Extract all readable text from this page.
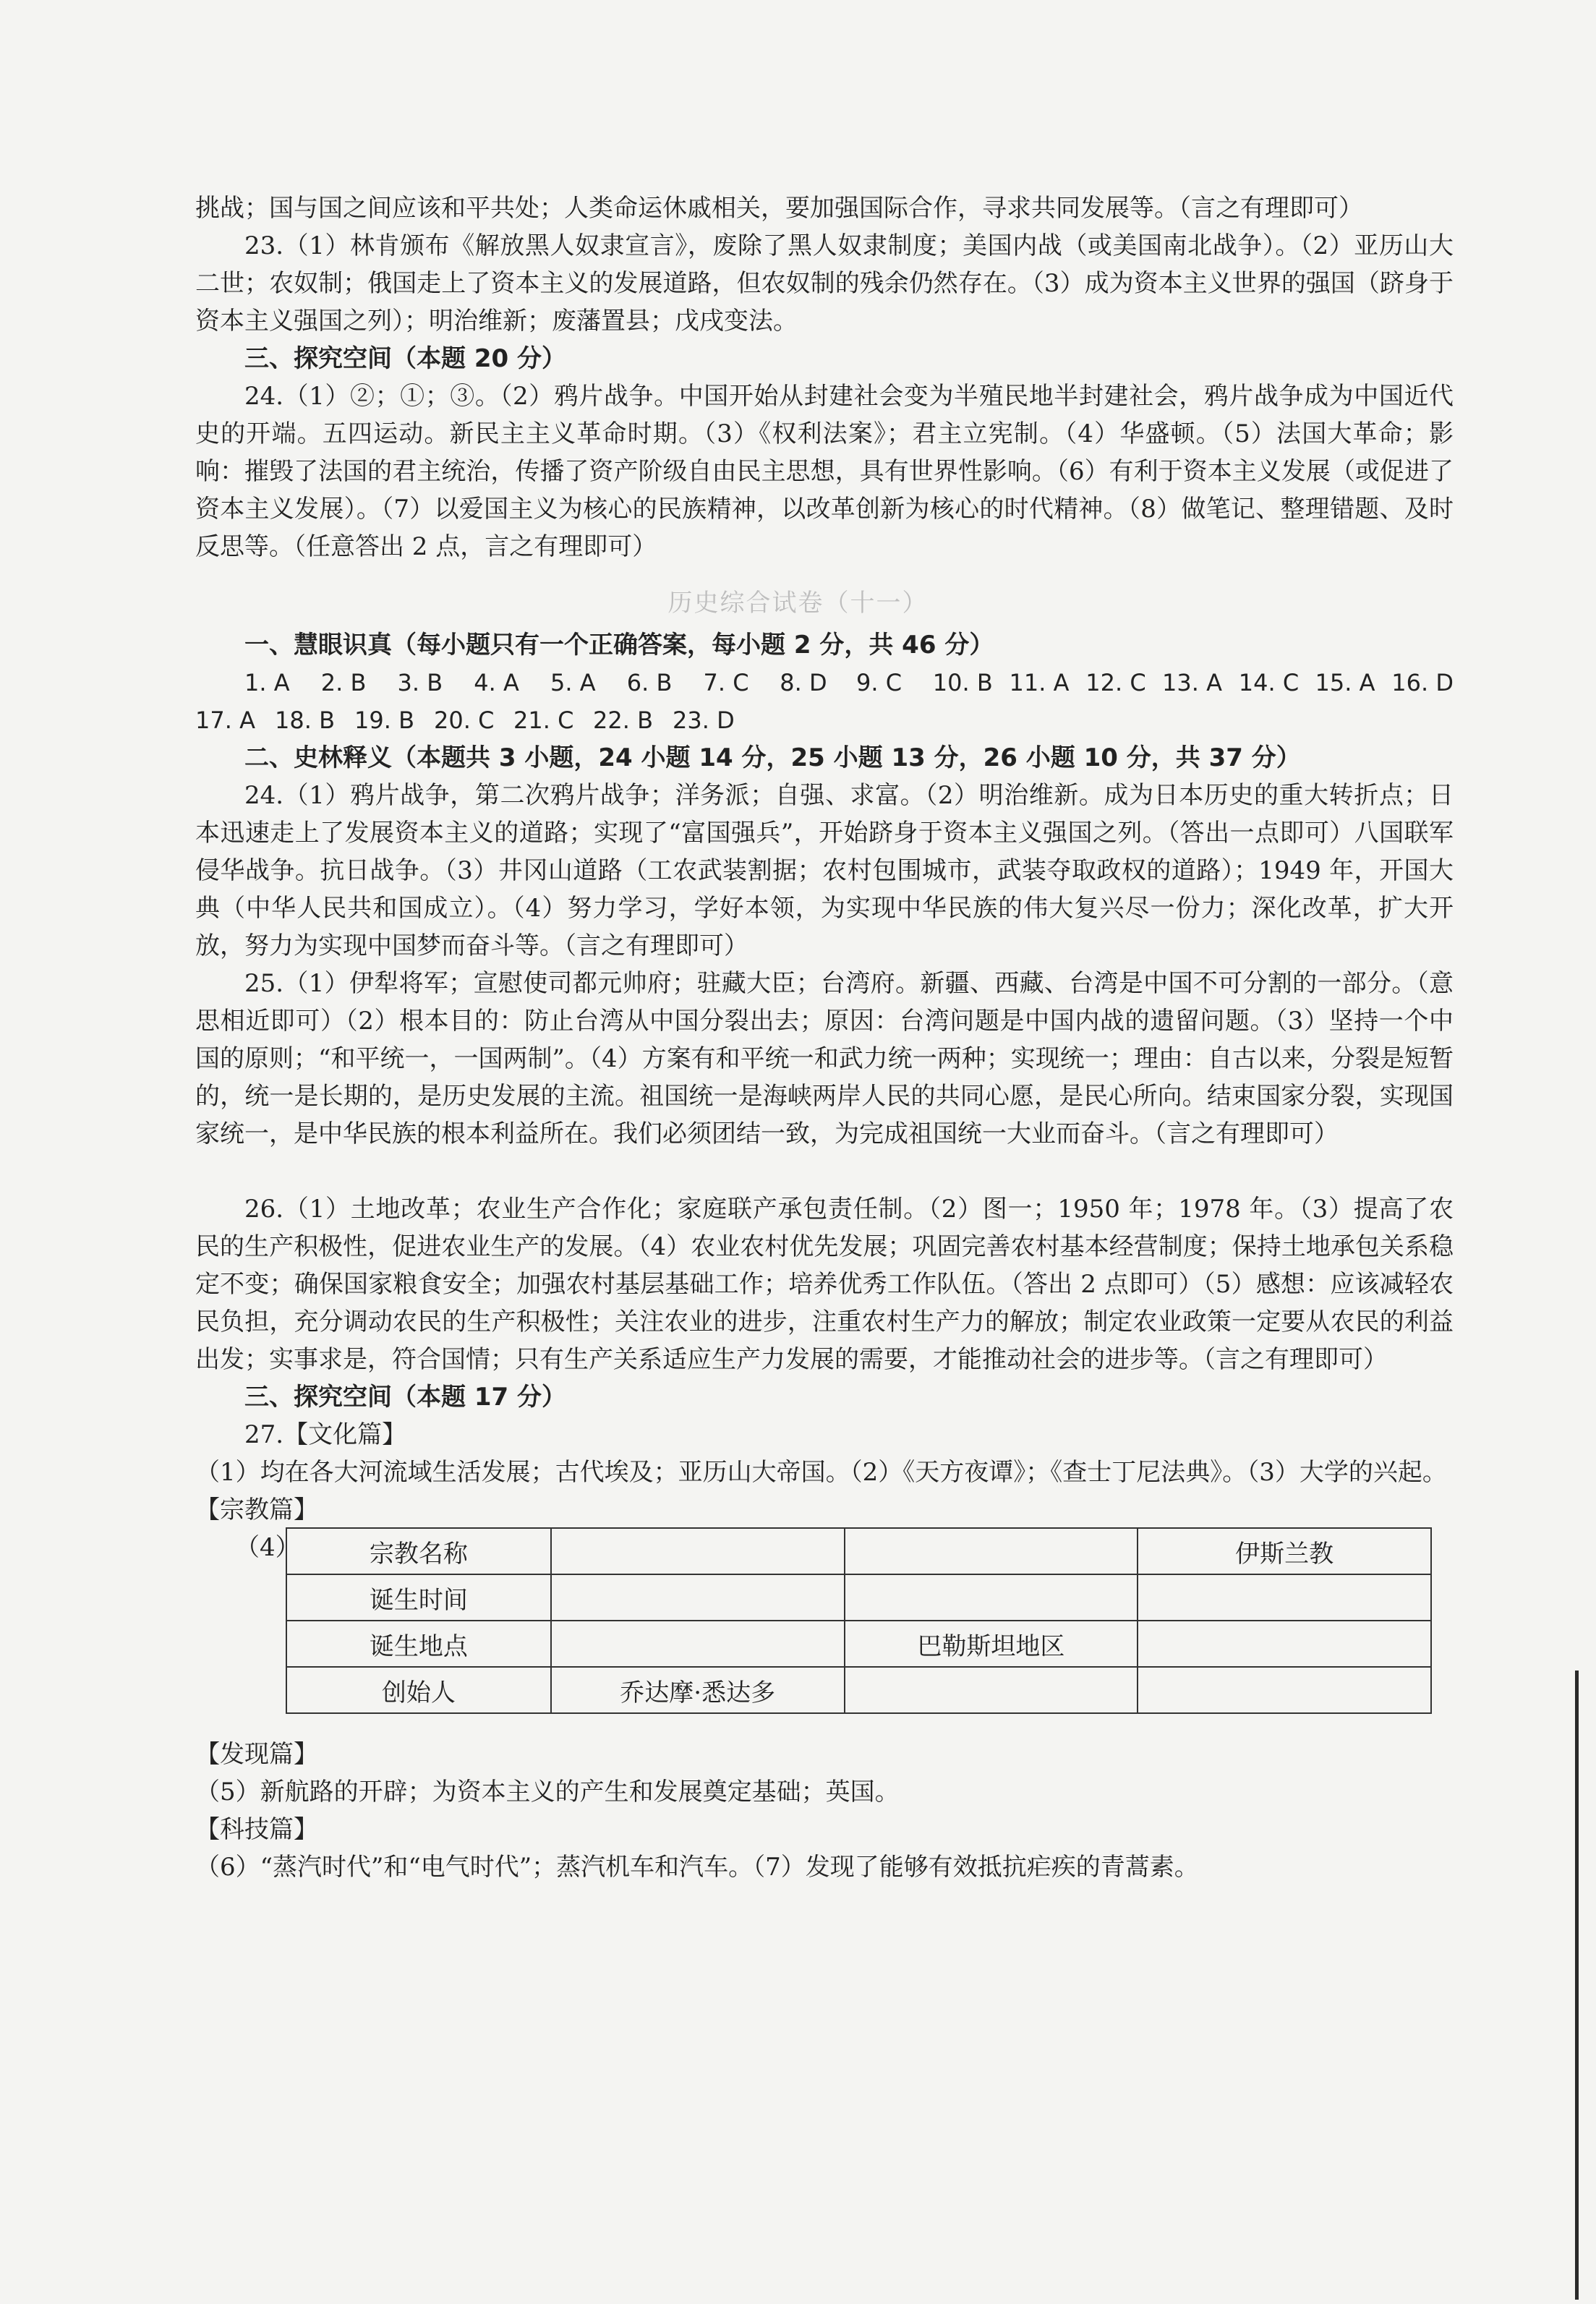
挑战；国与国之间应该和平共处；人类命运休戚相关，要加强国际合作，寻求共同发展等。（言之有理即可）

23.（1）林肯颁布《解放黑人奴隶宣言》，废除了黑人奴隶制度；美国内战（或美国南北战争）。（2）亚历山大二世；农奴制；俄国走上了资本主义的发展道路，但农奴制的残余仍然存在。（3）成为资本主义世界的强国（跻身于资本主义强国之列）；明治维新；废藩置县；戊戌变法。

三、探究空间（本题 20 分）

24.（1）②；①；③。（2）鸦片战争。中国开始从封建社会变为半殖民地半封建社会，鸦片战争成为中国近代史的开端。五四运动。新民主主义革命时期。（3）《权利法案》；君主立宪制。（4）华盛顿。（5）法国大革命；影响：摧毁了法国的君主统治，传播了资产阶级自由民主思想，具有世界性影响。（6）有利于资本主义发展（或促进了资本主义发展）。（7）以爱国主义为核心的民族精神，以改革创新为核心的时代精神。（8）做笔记、整理错题、及时反思等。（任意答出 2 点，言之有理即可）

历史综合试卷（十一）

一、慧眼识真（每小题只有一个正确答案，每小题 2 分，共 46 分）

1. A	2. B	3. B	4. A	5. A	6. B	7. C	8. D	9. C	10. B 11. A 12. C 13. A 14. C 15. A 16. D
17. A 18. B 19. B 20. C 21. C 22. B 23. D

二、史林释义（本题共 3 小题，24 小题 14 分，25 小题 13 分，26 小题 10 分，共 37 分）

24.（1）鸦片战争，第二次鸦片战争；洋务派；自强、求富。（2）明治维新。成为日本历史的重大转折点；日本迅速走上了发展资本主义的道路；实现了“富国强兵”，开始跻身于资本主义强国之列。（答出一点即可）八国联军侵华战争。抗日战争。（3）井冈山道路（工农武装割据；农村包围城市，武装夺取政权的道路）；1949 年，开国大典（中华人民共和国成立）。（4）努力学习，学好本领，为实现中华民族的伟大复兴尽一份力；深化改革，扩大开放，努力为实现中国梦而奋斗等。（言之有理即可）

25.（1）伊犁将军；宣慰使司都元帅府；驻藏大臣；台湾府。新疆、西藏、台湾是中国不可分割的一部分。（意思相近即可）（2）根本目的：防止台湾从中国分裂出去；原因：台湾问题是中国内战的遗留问题。（3）坚持一个中国的原则；“和平统一，一国两制”。（4）方案有和平统一和武力统一两种；实现统一；理由：自古以来，分裂是短暂的，统一是长期的，是历史发展的主流。祖国统一是海峡两岸人民的共同心愿，是民心所向。结束国家分裂，实现国家统一，是中华民族的根本利益所在。我们必须团结一致，为完成祖国统一大业而奋斗。（言之有理即可）

26.（1）土地改革；农业生产合作化；家庭联产承包责任制。（2）图一；1950 年；1978 年。（3）提高了农民的生产积极性，促进农业生产的发展。（4）农业农村优先发展；巩固完善农村基本经营制度；保持土地承包关系稳定不变；确保国家粮食安全；加强农村基层基础工作；培养优秀工作队伍。（答出 2 点即可）（5）感想：应该减轻农民负担，充分调动农民的生产积极性；关注农业的进步，注重农村生产力的解放；制定农业政策一定要从农民的利益出发；实事求是，符合国情；只有生产关系适应生产力发展的需要，才能推动社会的进步等。（言之有理即可）

三、探究空间（本题 17 分）

27.【文化篇】

（1）均在各大河流域生活发展；古代埃及；亚历山大帝国。（2）《天方夜谭》；《查士丁尼法典》。（3）大学的兴起。

【宗教篇】

（4）	宗教名称			伊斯兰教
诞生时间			
诞生地点		巴勒斯坦地区	
创始人	乔达摩·悉达多		

【发现篇】

（5）新航路的开辟；为资本主义的产生和发展奠定基础；英国。

【科技篇】

（6）“蒸汽时代”和“电气时代”；蒸汽机车和汽车。（7）发现了能够有效抵抗疟疾的青蒿素。
